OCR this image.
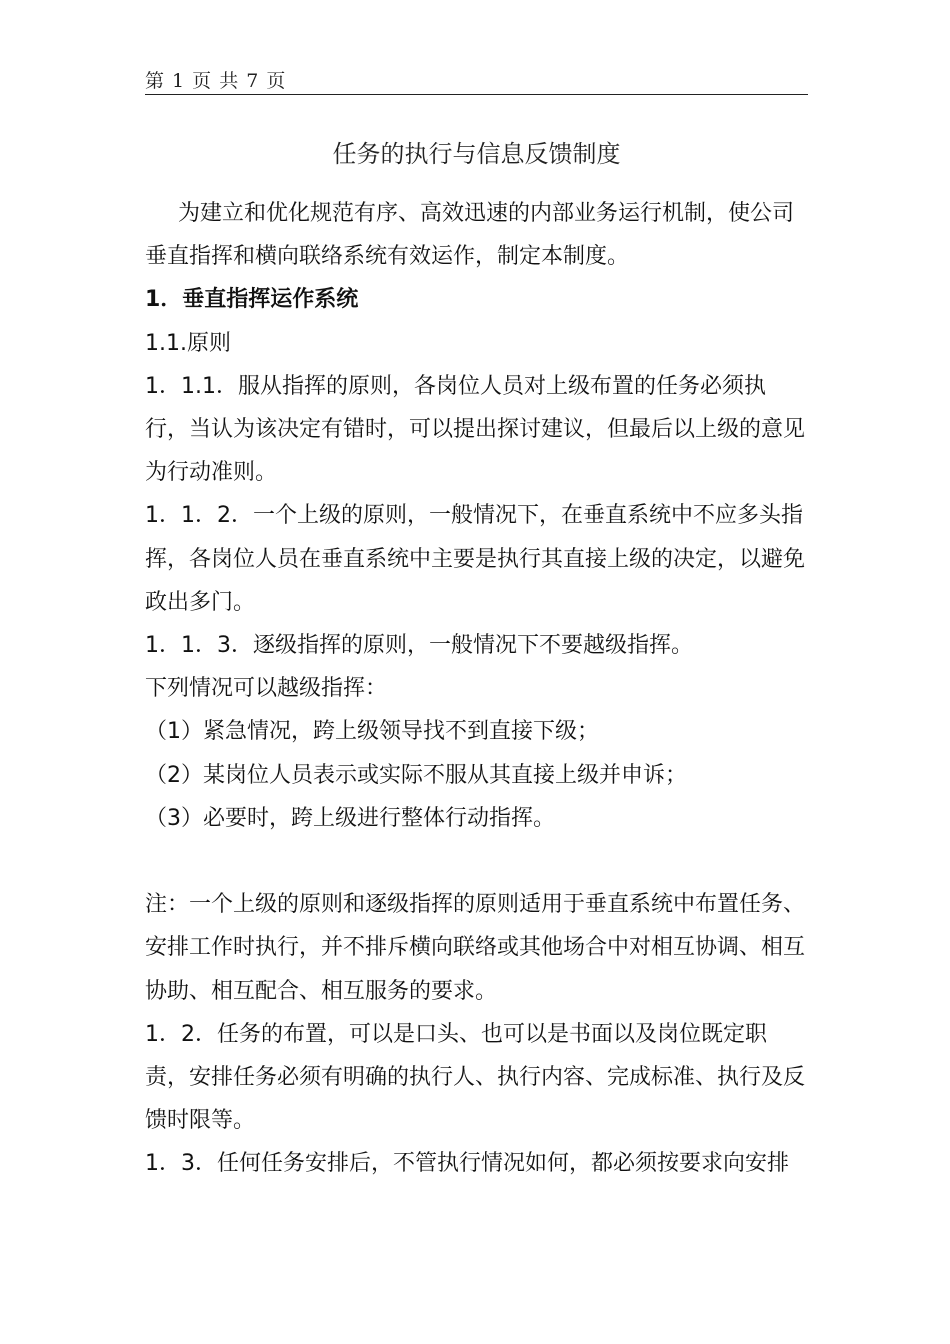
第 1 页 共 7 页
任务的执行与信息反馈制度

为建立和优化规范有序、高效迅速的内部业务运行机制，使公司垂直指挥和横向联络系统有效运作，制定本制度。

1．垂直指挥运作系统

1.1.原则

1．1.1．服从指挥的原则，各岗位人员对上级布置的任务必须执行，当认为该决定有错时，可以提出探讨建议，但最后以上级的意见为行动准则。

1．1．2．一个上级的原则，一般情况下，在垂直系统中不应多头指挥，各岗位人员在垂直系统中主要是执行其直接上级的决定，以避免政出多门。

1．1．3．逐级指挥的原则，一般情况下不要越级指挥。

下列情况可以越级指挥：

（1）紧急情况，跨上级领导找不到直接下级；

（2）某岗位人员表示或实际不服从其直接上级并申诉；

（3）必要时，跨上级进行整体行动指挥。

注：一个上级的原则和逐级指挥的原则适用于垂直系统中布置任务、安排工作时执行，并不排斥横向联络或其他场合中对相互协调、相互协助、相互配合、相互服务的要求。

1．2．任务的布置，可以是口头、也可以是书面以及岗位既定职责，安排任务必须有明确的执行人、执行内容、完成标准、执行及反馈时限等。

1．3．任何任务安排后，不管执行情况如何，都必须按要求向安排
